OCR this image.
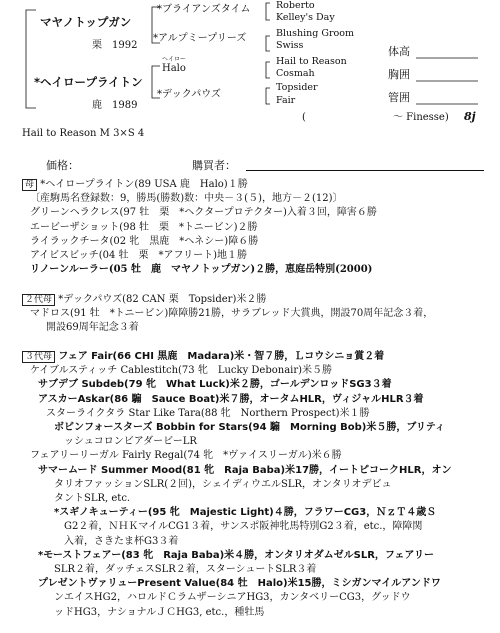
マヤノトップガン
栗　1992
*ヘイロープライトン
鹿　1989
*ブライアンズタイム
*アルプミープリーズ
ヘイロー
Halo
*デックパウズ
Roberto
Kelley's Day
Blushing Groom
Swiss
Hail to Reason
Cosmah
Topsider
Fair
(	～ Finesse) 8j
体高
胸囲
管囲
Hail to Reason M 3×S 4
価格：	購買者：
母 *ヘイロープライトン(89 USA 鹿　Halo)１勝
〔産駒馬名登録数：9，勝馬(勝数)数：中央－３(５)，地方－２(12)〕
グリーンヘラクレス(97 牡　栗　*ヘクタープロテクター)入着３回，障害６勝
エービーザショット(98 牡　栗　*トニービン)２勝
ライラックチータ(02 牝　黒鹿　*ヘネシー)障６勝
アイビスビッチ(04 牡　栗　*アフリート)地１勝
リノーンルーラー(05 牡　鹿　マヤノトップガン)２勝，恵庭岳特別(2000)
２代母 *デックパウズ(82 CAN 栗　Topsider)米２勝
マドロス(91 牡　*トニービン)障障勝21勝，サラブレッド大賞典，開設70周年記念３着，
開設69周年記念３着
３代母 フェア Fair(66 CHI 黒鹿　Madara)米・智７勝，Ｌコウシニョ賞２着
ケイブルスティッチ Cablestitch(73 牝　Lucky Debonair)米５勝
サブデブ Subdeb(79 牝　What Luck)米２勝，ゴールデンロッドSG3３着
アスカーAskar(86 騸　Sauce Boat)米７勝，オータムHLR，ヴィジャルHLR３着
スターライクタラ Star Like Tara(88 牝　Northern Prospect)米１勝
ボビンフォースターズ Bobbin for Stars(94 騸　Morning Bob)米５勝，ブリティ
ッシュコロンビアダービーLR
フェアリーリーガル Fairly Regal(74 牝　*ヴァイスリーガル)米６勝
サマームード Summer Mood(81 牝　Raja Baba)米17勝，イートピコークHLR，オン
タリオファッションSLR(２回)，シェイディウエルSLR，オンタリオデビュ
タントSLR, etc.
*スギノキューティー(95 牝　Majestic Light)４勝，フラワーCG3，ＮｚＴ４歳Ｓ
G2２着，ＮＨＫマイルCG1３着，サンスポ阪神牝馬特別G2３着，etc.，障障関
入着，さきたま杯G3３着
*モーストフェアー(83 牝　Raja Baba)米４勝，オンタリオダムゼルSLR，フェアリー
SLR２着，ダッチェスSLR２着，スターシュートSLR３着
プレゼントヴァリューPresent Value(84 牡　Halo)米15勝，ミシガンマイルアンドワ
ンエイスHG2，ハロルドＣラムザーシニアHG3，カンタベリーCG3，グッドウ
ッドHG3，ナショナルＪＣHG3, etc.，種牡馬
